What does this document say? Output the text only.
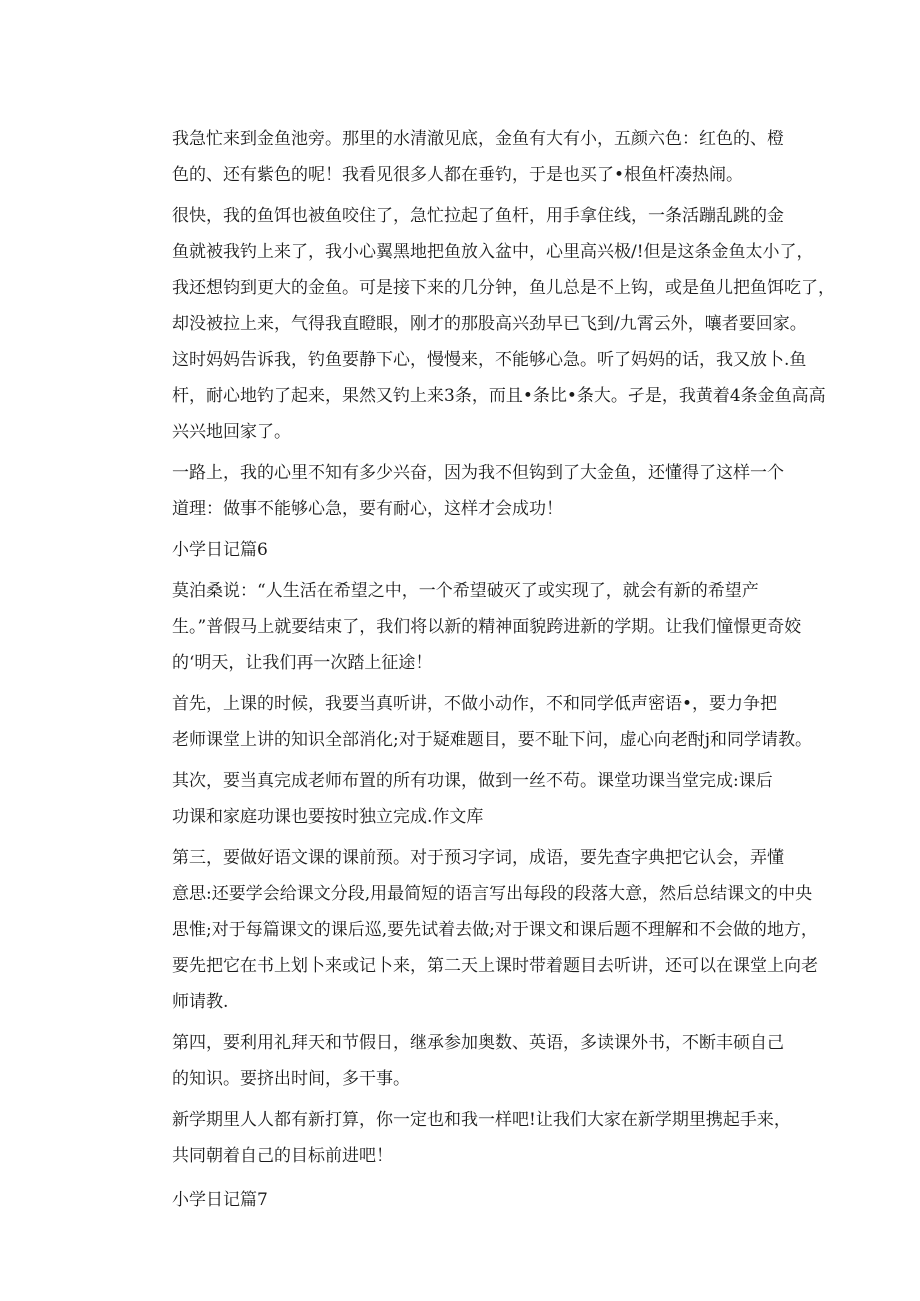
我急忙来到金鱼池旁。那里的水清澈见底，金鱼有大有小，五颜六色：红色的、橙
色的、还有紫色的呢！我看见很多人都在垂钓，于是也买了•根鱼杆凑热闹。

很快，我的鱼饵也被鱼咬住了，急忙拉起了鱼杆，用手拿住线，一条活蹦乱跳的金
鱼就被我钓上来了，我小心翼黑地把鱼放入盆中，心里高兴极/!但是这条金鱼太小了，
我还想钧到更大的金鱼。可是接下来的几分钟，鱼儿总是不上钩，或是鱼儿把鱼饵吃了，
却没被拉上来，气得我直瞪眼，刚才的那股高兴劲早已飞到/九霄云外，嚷者要回家。
这时妈妈告诉我，钓鱼要静下心，慢慢来，不能够心急。听了妈妈的话，我又放卜.鱼
杆，耐心地钓了起来，果然又钓上来3条，而且•条比•条大。孑是，我黄着4条金鱼高高
兴兴地回家了。

一路上，我的心里不知有多少兴奋，因为我不但钩到了大金鱼，还懂得了这样一个
道理：做事不能够心急，要有耐心，这样才会成功！

小学日记篇6

莫泊桑说：“人生活在希望之中，一个希望破灭了或实现了，就会有新的希望产
生。”普假马上就要结束了，我们将以新的精神面貌跨进新的学期。让我们憧憬更奇姣
的‘明天，让我们再一次踏上征途！

首先，上课的时候，我要当真听讲，不做小动作，不和同学低声密语•，要力争把
老师课堂上讲的知识全部消化;对于疑难题目，要不耻下问，虚心向老酎j和同学请教。

其次，要当真完成老师布置的所有功课，做到一丝不苟。课堂功课当堂完成:课后
功课和家庭功课也要按时独立完成.作文库

第三，要做好语文课的课前预。对于预习字词，成语，要先查字典把它认会，弄懂
意思:还要学会给课文分段,用最简短的语言写出每段的段落大意，然后总结课文的中央
思惟;对于每篇课文的课后巡,要先试着去做;对于课文和课后题不理解和不会做的地方，
要先把它在书上划卜来或记卜来，第二天上课时带着题目去听讲，还可以在课堂上向老
师请教.

第四，要利用礼拜天和节假日，继承参加奥数、英语，多读课外书，不断丰硕自己
的知识。要挤出时间，多干事。

新学期里人人都有新打算，你一定也和我一样吧!让我们大家在新学期里携起手来，
共同朝着自己的目标前进吧！

小学日记篇7
